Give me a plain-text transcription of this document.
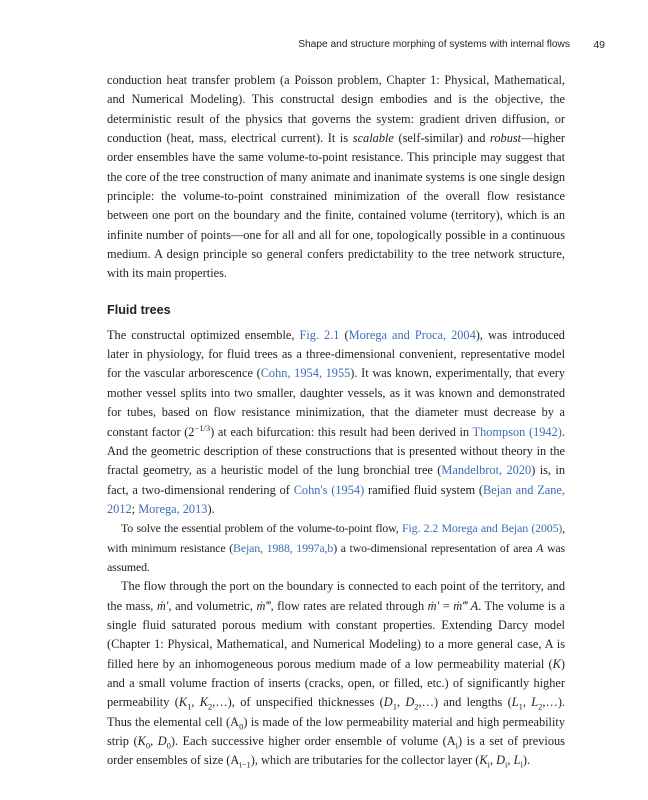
Shape and structure morphing of systems with internal flows 49

conduction heat transfer problem (a Poisson problem, Chapter 1: Physical, Mathematical, and Numerical Modeling). This constructal design embodies and is the objective, the deterministic result of the physics that governs the system: gradient driven diffusion, or conduction (heat, mass, electrical current). It is scalable (self-similar) and robust—higher order ensembles have the same volume-to-point resistance. This principle may suggest that the core of the tree construction of many animate and inanimate systems is one single design principle: the volume-to-point constrained minimization of the overall flow resistance between one port on the boundary and the finite, contained volume (territory), which is an infinite number of points—one for all and all for one, topologically possible in a continuous medium. A design principle so general confers predictability to the tree network structure, with its main properties.

Fluid trees

The constructal optimized ensemble, Fig. 2.1 (Morega and Proca, 2004), was introduced later in physiology, for fluid trees as a three-dimensional convenient, representative model for the vascular arborescence (Cohn, 1954, 1955). It was known, experimentally, that every mother vessel splits into two smaller, daughter vessels, as it was known and demonstrated for tubes, based on flow resistance minimization, that the diameter must decrease by a constant factor $(2^{-1/3})$ at each bifurcation: this result had been derived in Thompson (1942). And the geometric description of these constructions that is presented without theory in the fractal geometry, as a heuristic model of the lung bronchial tree (Mandelbrot, 2020) is, in fact, a two-dimensional rendering of Cohn's (1954) ramified fluid system (Bejan and Zane, 2012; Morega, 2013).

To solve the essential problem of the volume-to-point flow, Fig. 2.2 Morega and Bejan (2005), with minimum resistance (Bejan, 1988, 1997a,b) a two-dimensional representation of area A was assumed.

The flow through the port on the boundary is connected to each point of the territory, and the mass, ṁ′, and volumetric, ṁ‴, flow rates are related through ṁ′ = ṁ‴ A. The volume is a single fluid saturated porous medium with constant properties. Extending Darcy model (Chapter 1: Physical, Mathematical, and Numerical Modeling) to a more general case, A is filled here by an inhomogeneous porous medium made of a low permeability material (K) and a small volume fraction of inserts (cracks, open, or filled, etc.) of significantly higher permeability ($K_1$, $K_2,\dots$), of unspecified thicknesses ($D_1$, $D_2,\dots$) and lengths ($L_1$, $L_2,\dots$). Thus the elemental cell $(A_0)$ is made of the low permeability material and high permeability strip ($K_0$, $D_0$). Each successive higher order ensemble of volume $(A_i)$ is a set of previous order ensembles of size $(A_{i-1})$, which are tributaries for the collector layer ($K_i$, $D_i$, $L_i$).
